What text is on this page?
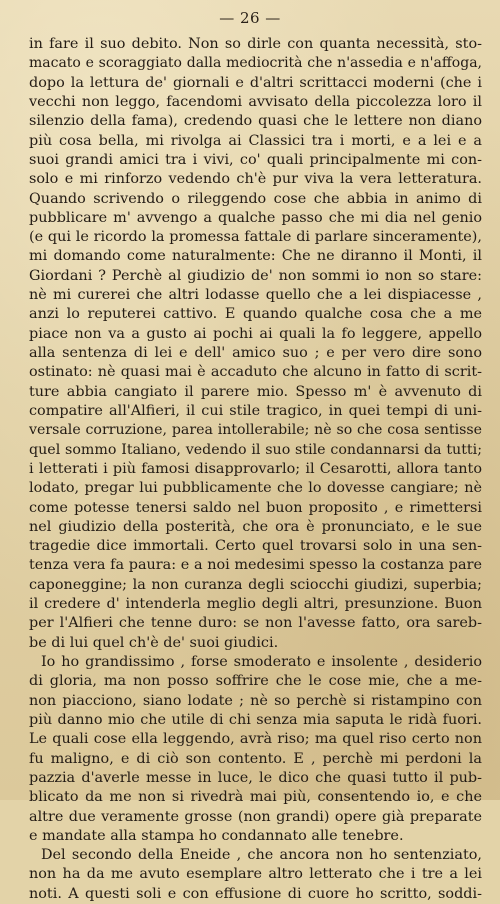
— 26 —
in fare il suo debito. Non so dirle con quanta necessità, sto-
macato e scoraggiato dalla mediocrità che n'assedia e n'affoga,
dopo la lettura de' giornali e d'altri scrittacci moderni (che i
vecchi non leggo, facendomi avvisato della piccolezza loro il
silenzio della fama), credendo quasi che le lettere non diano
più cosa bella, mi rivolga ai Classici tra i morti, e a lei e a
suoi grandi amici tra i vivi, co' quali principalmente mi con-
solo e mi rinforzo vedendo ch'è pur viva la vera letteratura.
Quando scrivendo o rileggendo cose che abbia in animo di
pubblicare m' avvengo a qualche passo che mi dia nel genio
(e qui le ricordo la promessa fattale di parlare sinceramente),
mi domando come naturalmente: Che ne diranno il Monti, il
Giordani ? Perchè al giudizio de' non sommi io non so stare:
nè mi curerei che altri lodasse quello che a lei dispiacesse ,
anzi lo reputerei cattivo. E quando qualche cosa che a me
piace non va a gusto ai pochi ai quali la fo leggere, appello
alla sentenza di lei e dell' amico suo ; e per vero dire sono
ostinato: nè quasi mai è accaduto che alcuno in fatto di scrit-
ture abbia cangiato il parere mio. Spesso m' è avvenuto di
compatire all'Alfieri, il cui stile tragico, in quei tempi di uni-
versale corruzione, parea intollerabile; nè so che cosa sentisse
quel sommo Italiano, vedendo il suo stile condannarsi da tutti;
i letterati i più famosi disapprovarlo; il Cesarotti, allora tanto
lodato, pregar lui pubblicamente che lo dovesse cangiare; nè
come potesse tenersi saldo nel buon proposito , e rimettersi
nel giudizio della posterità, che ora è pronunciato, e le sue
tragedie dice immortali. Certo quel trovarsi solo in una sen-
tenza vera fa paura: e a noi medesimi spesso la costanza pare
caponeggine; la non curanza degli sciocchi giudizi, superbia;
il credere d' intenderla meglio degli altri, presunzione. Buon
per l'Alfieri che tenne duro: se non l'avesse fatto, ora sareb-
be di lui quel ch'è de' suoi giudici.
Io ho grandissimo , forse smoderato e insolente , desiderio
di gloria, ma non posso soffrire che le cose mie, che a me-
non piacciono, siano lodate ; nè so perchè si ristampino con
più danno mio che utile di chi senza mia saputa le ridà fuori.
Le quali cose ella leggendo, avrà riso; ma quel riso certo non
fu maligno, e di ciò son contento. E , perchè mi perdoni la
pazzia d'averle messe in luce, le dico che quasi tutto il pub-
blicato da me non si rivedrà mai più, consentendo io, e che
altre due veramente grosse (non grandi) opere già preparate
e mandate alla stampa ho condannato alle tenebre.
Del secondo della Eneide , che ancora non ho sentenziato,
non ha da me avuto esemplare altro letterato che i tre a lei
noti. A questi soli e con effusione di cuore ho scritto, soddi-
